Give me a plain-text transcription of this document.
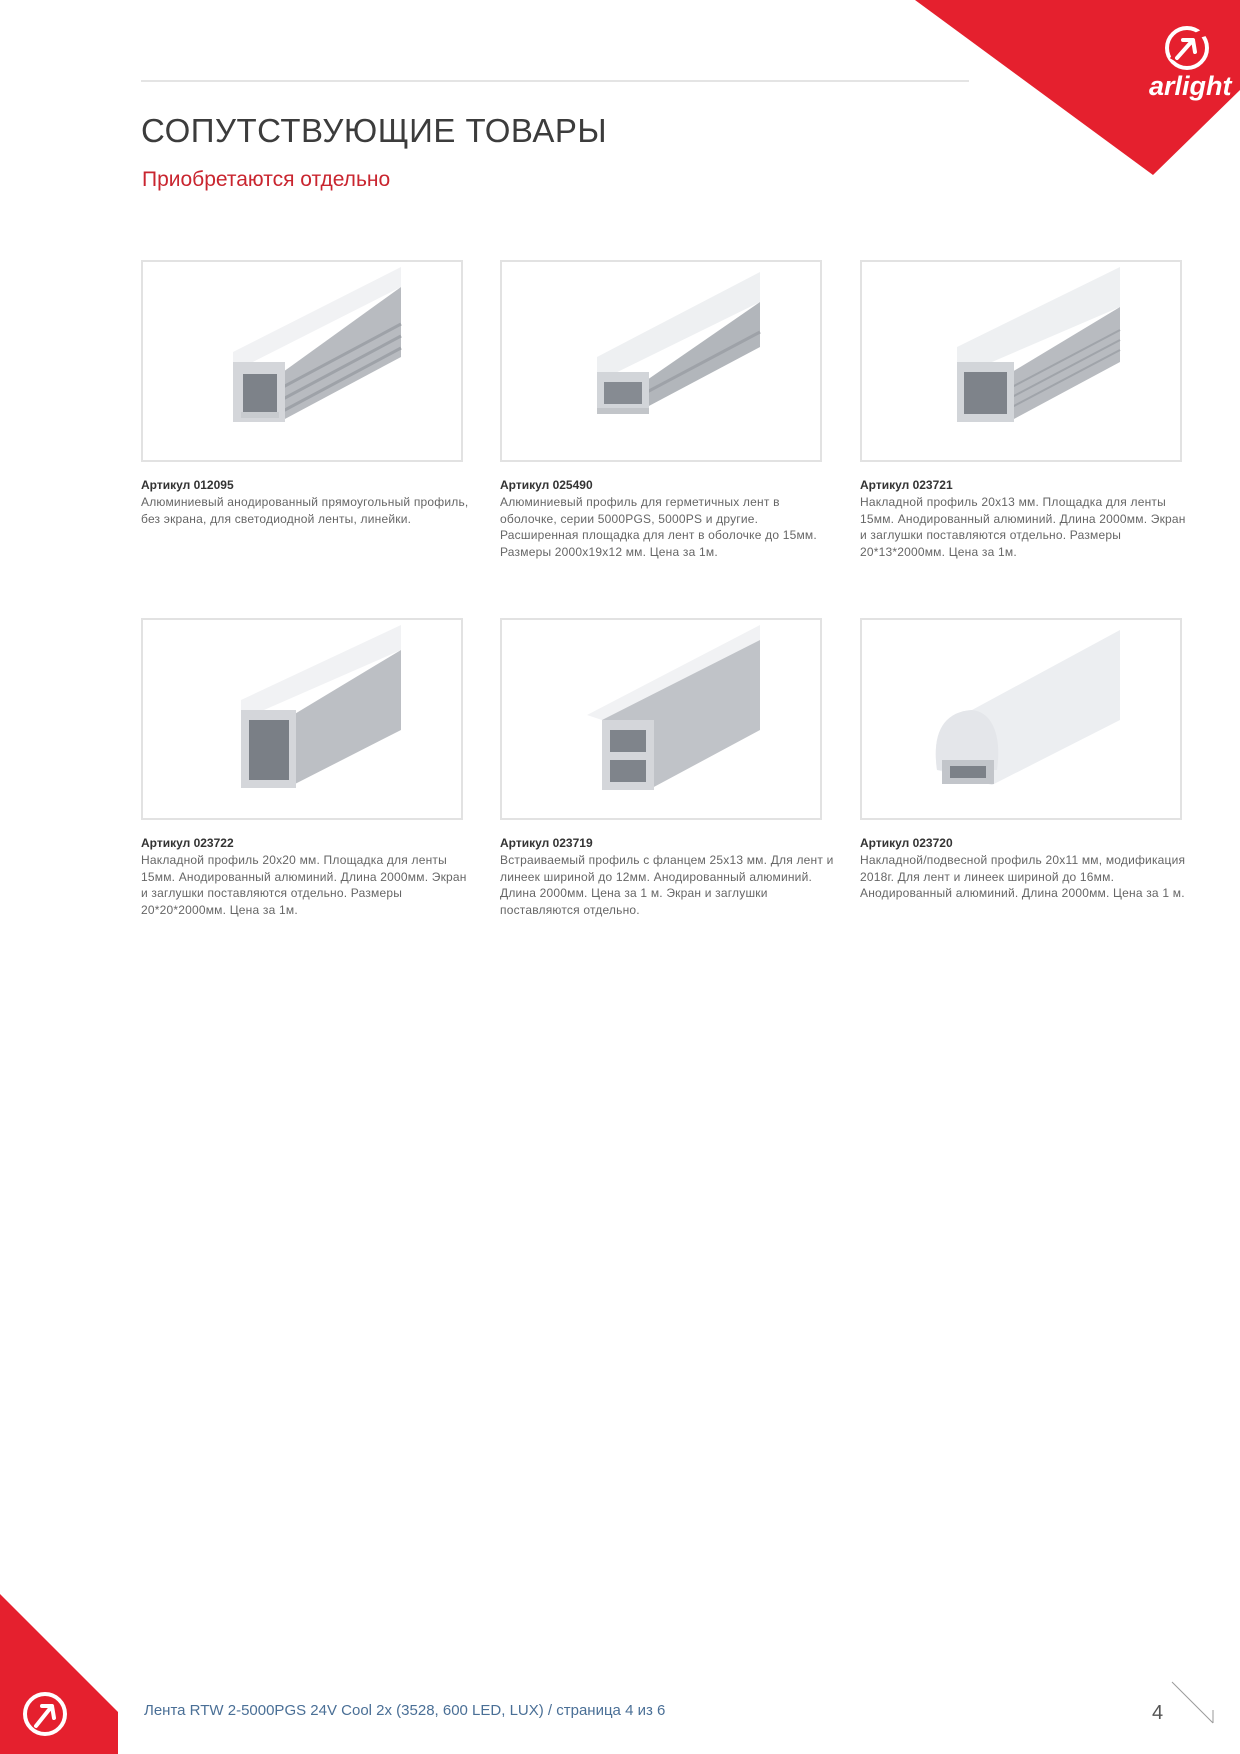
arlight
СОПУТСТВУЮЩИЕ ТОВАРЫ
Приобретаются отдельно
Артикул 012095
Алюминиевый анодированный прямоугольный профиль, без экрана, для светодиодной ленты, линейки.
Артикул 025490
Алюминиевый профиль для герметичных лент в оболочке, серии 5000PGS, 5000PS и другие. Расширенная площадка для лент в оболочке до 15мм. Размеры 2000х19х12 мм. Цена за 1м.
Артикул 023721
Накладной профиль 20х13 мм. Площадка для ленты 15мм. Анодированный алюминий. Длина 2000мм. Экран и заглушки поставляются отдельно. Размеры 20*13*2000мм. Цена за 1м.
Артикул 023722
Накладной профиль 20х20 мм. Площадка для ленты 15мм. Анодированный алюминий. Длина 2000мм. Экран и заглушки поставляются отдельно. Размеры 20*20*2000мм. Цена за 1м.
Артикул 023719
Встраиваемый профиль с фланцем 25х13 мм. Для лент и линеек шириной до 12мм. Анодированный алюминий. Длина 2000мм. Цена за 1 м. Экран и заглушки поставляются отдельно.
Артикул 023720
Накладной/подвесной профиль 20х11 мм, модификация 2018г. Для лент и линеек шириной до 16мм. Анодированный алюминий. Длина 2000мм. Цена за 1 м.
Лента RTW 2-5000PGS 24V Cool 2x (3528, 600 LED, LUX) / страница 4 из 6	4
